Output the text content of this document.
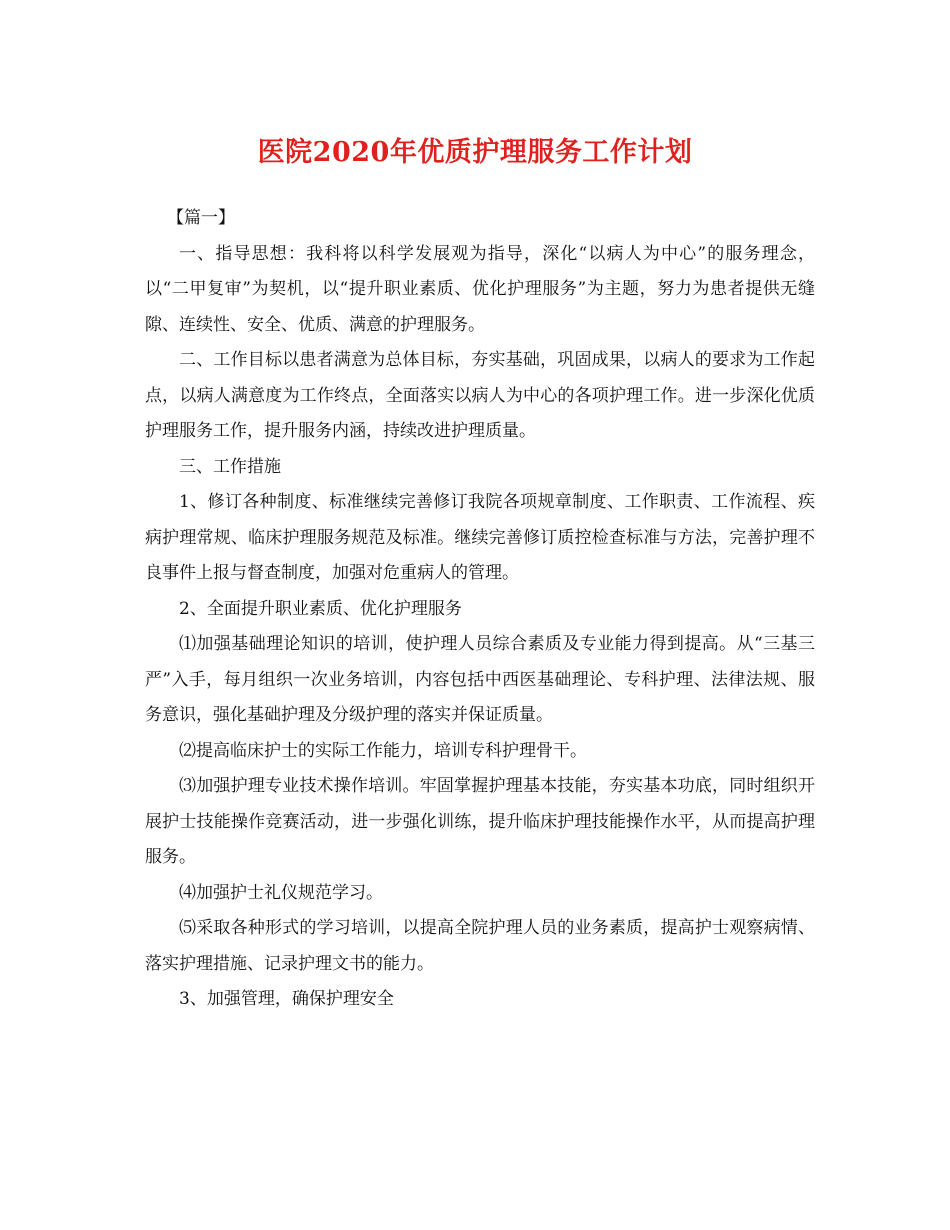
医院2020年优质护理服务工作计划

【篇一】

一、指导思想：我科将以科学发展观为指导，深化“以病人为中心”的服务理念，以“二甲复审”为契机，以“提升职业素质、优化护理服务”为主题，努力为患者提供无缝隙、连续性、安全、优质、满意的护理服务。

二、工作目标以患者满意为总体目标，夯实基础，巩固成果，以病人的要求为工作起点，以病人满意度为工作终点，全面落实以病人为中心的各项护理工作。进一步深化优质护理服务工作，提升服务内涵，持续改进护理质量。

三、工作措施

1、修订各种制度、标准继续完善修订我院各项规章制度、工作职责、工作流程、疾病护理常规、临床护理服务规范及标准。继续完善修订质控检查标准与方法，完善护理不良事件上报与督查制度，加强对危重病人的管理。

2、全面提升职业素质、优化护理服务

⑴加强基础理论知识的培训，使护理人员综合素质及专业能力得到提高。从“三基三严”入手，每月组织一次业务培训，内容包括中西医基础理论、专科护理、法律法规、服务意识，强化基础护理及分级护理的落实并保证质量。

⑵提高临床护士的实际工作能力，培训专科护理骨干。

⑶加强护理专业技术操作培训。牢固掌握护理基本技能，夯实基本功底，同时组织开展护士技能操作竞赛活动，进一步强化训练，提升临床护理技能操作水平，从而提高护理服务。

⑷加强护士礼仪规范学习。

⑸采取各种形式的学习培训，以提高全院护理人员的业务素质，提高护士观察病情、落实护理措施、记录护理文书的能力。

3、加强管理，确保护理安全
